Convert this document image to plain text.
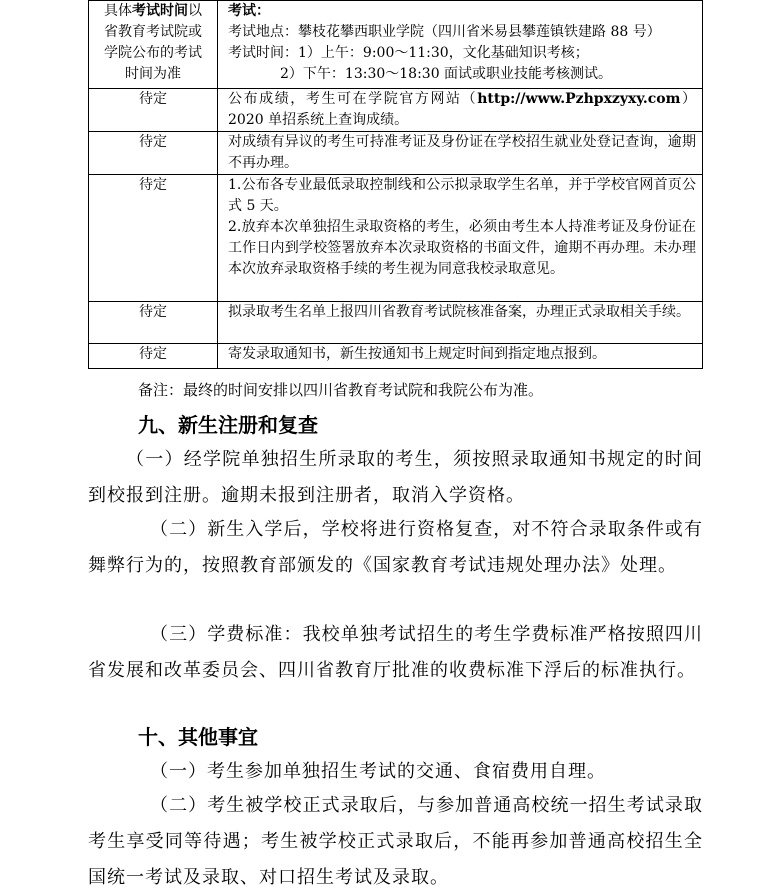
具体考试时间以
省教育考试院或
学院公布的考试
时间为准	考试：
考试地点：攀枝花攀西职业学院（四川省米易县攀莲镇铁建路 88 号）
考试时间：1）上午：9:00～11:30，文化基础知识考核；

2）下午：13:30～18:30 面试或职业技能考核测试。

待定	公布成绩，考生可在学院官方网站（http://www.Pzhpxzyxy.com）2020 单招系统上查询成绩。

待定	对成绩有异议的考生可持准考证及身份证在学校招生就业处登记查询，逾期不再办理。

待定	1.公布各专业最低录取控制线和公示拟录取学生名单，并于学校官网首页公式 5 天。
2.放弃本次单独招生录取资格的考生，必须由考生本人持准考证及身份证在工作日内到学校签署放弃本次录取资格的书面文件，逾期不再办理。未办理本次放弃录取资格手续的考生视为同意我校录取意见。

待定	拟录取考生名单上报四川省教育考试院核准备案，办理正式录取相关手续。

待定	寄发录取通知书，新生按通知书上规定时间到指定地点报到。
备注：最终的时间安排以四川省教育考试院和我院公布为准。
九、新生注册和复查
（一）经学院单独招生所录取的考生，须按照录取通知书规定的时间到校报到注册。逾期未报到注册者，取消入学资格。
（二）新生入学后，学校将进行资格复查，对不符合录取条件或有舞弊行为的，按照教育部颁发的《国家教育考试违规处理办法》处理。
（三）学费标准：我校单独考试招生的考生学费标准严格按照四川省发展和改革委员会、四川省教育厅批准的收费标准下浮后的标准执行。
十、其他事宜
（一）考生参加单独招生考试的交通、食宿费用自理。
（二）考生被学校正式录取后，与参加普通高校统一招生考试录取考生享受同等待遇；考生被学校正式录取后，不能再参加普通高校招生全国统一考试及录取、对口招生考试及录取。
